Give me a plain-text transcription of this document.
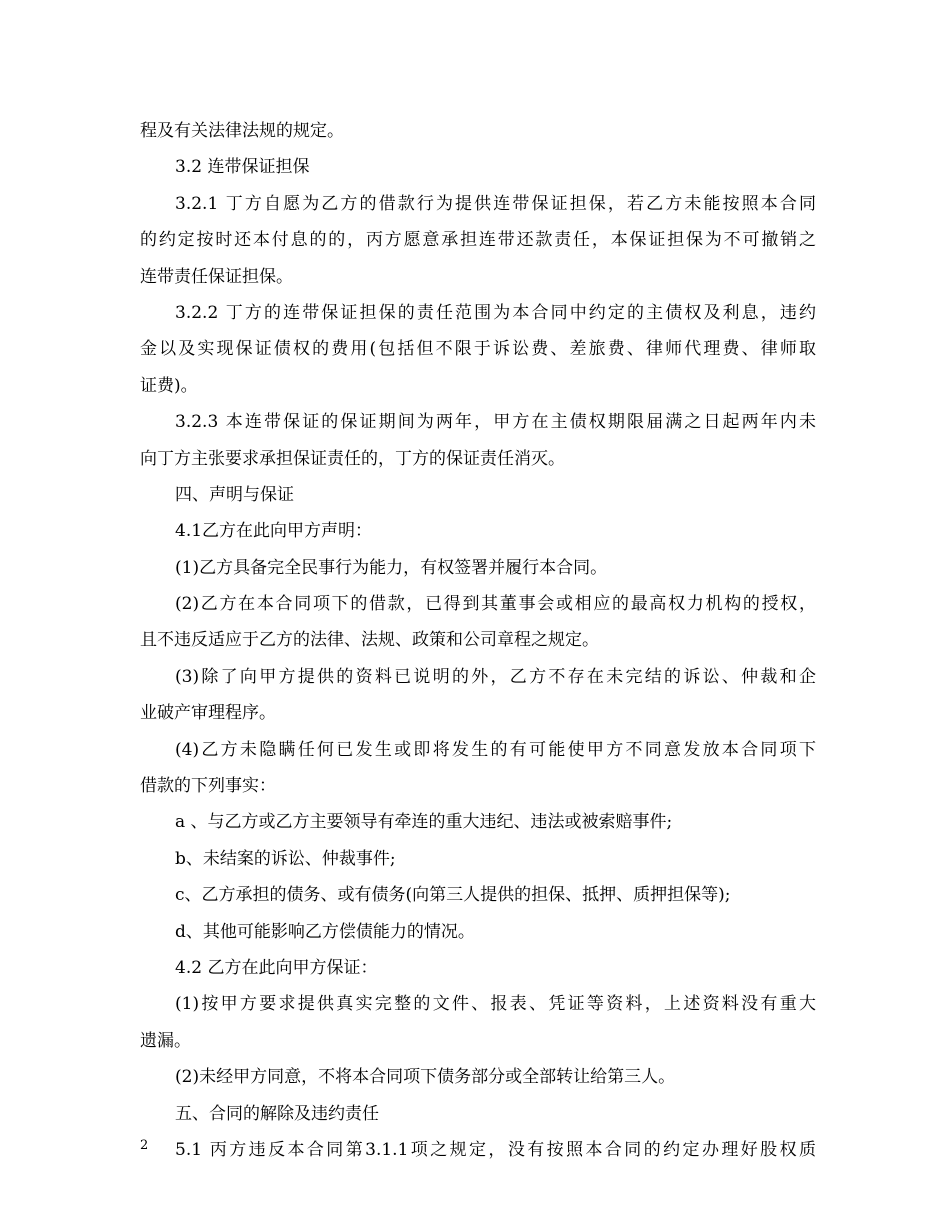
程及有关法律法规的规定。
3.2 连带保证担保
3.2.1 丁方自愿为乙方的借款行为提供连带保证担保，若乙方未能按照本合同
的约定按时还本付息的的，丙方愿意承担连带还款责任，本保证担保为不可撤销之
连带责任保证担保。
3.2.2 丁方的连带保证担保的责任范围为本合同中约定的主债权及利息，违约
金以及实现保证债权的费用(包括但不限于诉讼费、差旅费、律师代理费、律师取
证费)。
3.2.3 本连带保证的保证期间为两年，甲方在主债权期限届满之日起两年内未
向丁方主张要求承担保证责任的，丁方的保证责任消灭。
四、声明与保证
4.1乙方在此向甲方声明：
(1)乙方具备完全民事行为能力，有权签署并履行本合同。
(2)乙方在本合同项下的借款，已得到其董事会或相应的最高权力机构的授权，
且不违反适应于乙方的法律、法规、政策和公司章程之规定。
(3)除了向甲方提供的资料已说明的外，乙方不存在未完结的诉讼、仲裁和企
业破产审理程序。
(4)乙方未隐瞒任何已发生或即将发生的有可能使甲方不同意发放本合同项下
借款的下列事实：
a 、与乙方或乙方主要领导有牵连的重大违纪、违法或被索赔事件;
b、未结案的诉讼、仲裁事件;
c、乙方承担的债务、或有债务(向第三人提供的担保、抵押、质押担保等);
d、其他可能影响乙方偿债能力的情况。
4.2 乙方在此向甲方保证：
(1)按甲方要求提供真实完整的文件、报表、凭证等资料，上述资料没有重大
遗漏。
(2)未经甲方同意，不将本合同项下债务部分或全部转让给第三人。
五、合同的解除及违约责任
5.1 丙方违反本合同第3.1.1项之规定，没有按照本合同的约定办理好股权质
2
